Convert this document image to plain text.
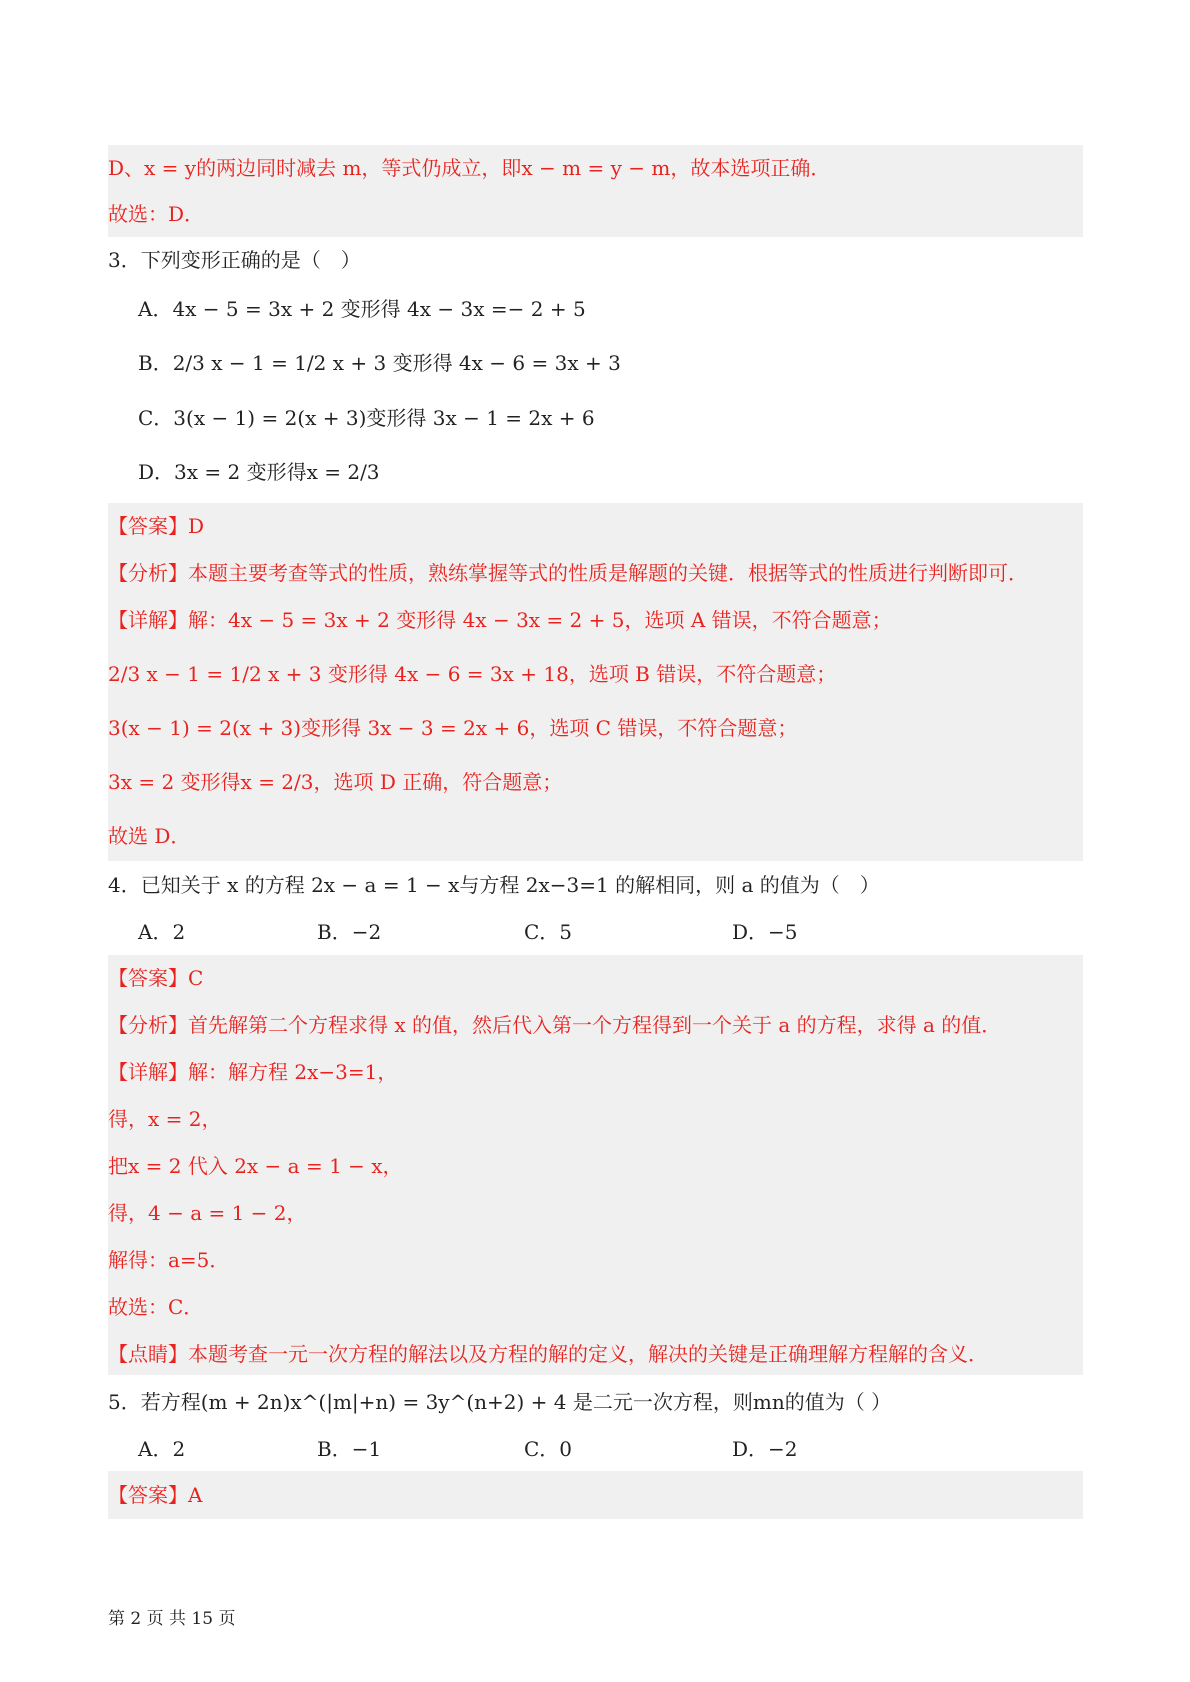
D、x = y的两边同时减去 m，等式仍成立，即x − m = y − m，故本选项正确．
故选：D．
3．下列变形正确的是（　）
A．4x − 5 = 3x + 2 变形得 4x − 3x =− 2 + 5
B．2/3 x − 1 = 1/2 x + 3 变形得 4x − 6 = 3x + 3
C．3(x − 1) = 2(x + 3)变形得 3x − 1 = 2x + 6
D．3x = 2 变形得x = 2/3
【答案】D
【分析】本题主要考查等式的性质，熟练掌握等式的性质是解题的关键．根据等式的性质进行判断即可．
【详解】解：4x − 5 = 3x + 2 变形得 4x − 3x = 2 + 5，选项 A 错误，不符合题意；
2/3 x − 1 = 1/2 x + 3 变形得 4x − 6 = 3x + 18，选项 B 错误，不符合题意；
3(x − 1) = 2(x + 3)变形得 3x − 3 = 2x + 6，选项 C 错误，不符合题意；
3x = 2 变形得x = 2/3，选项 D 正确，符合题意；
故选 D．
4．已知关于 x 的方程 2x − a = 1 − x与方程 2x−3=1 的解相同，则 a 的值为（　）
A．2	B．−2	C．5	D．−5
【答案】C
【分析】首先解第二个方程求得 x 的值，然后代入第一个方程得到一个关于 a 的方程，求得 a 的值．
【详解】解：解方程 2x−3=1，
得，x = 2，
把x = 2 代入 2x − a = 1 − x，
得，4 − a = 1 − 2，
解得：a=5．
故选：C．
【点睛】本题考查一元一次方程的解法以及方程的解的定义，解决的关键是正确理解方程解的含义．
5．若方程(m + 2n)x^(|m|+n) = 3y^(n+2) + 4 是二元一次方程，则mn的值为（ ）
A．2	B．−1	C．0	D．−2
【答案】A
第 2 页 共 15 页
